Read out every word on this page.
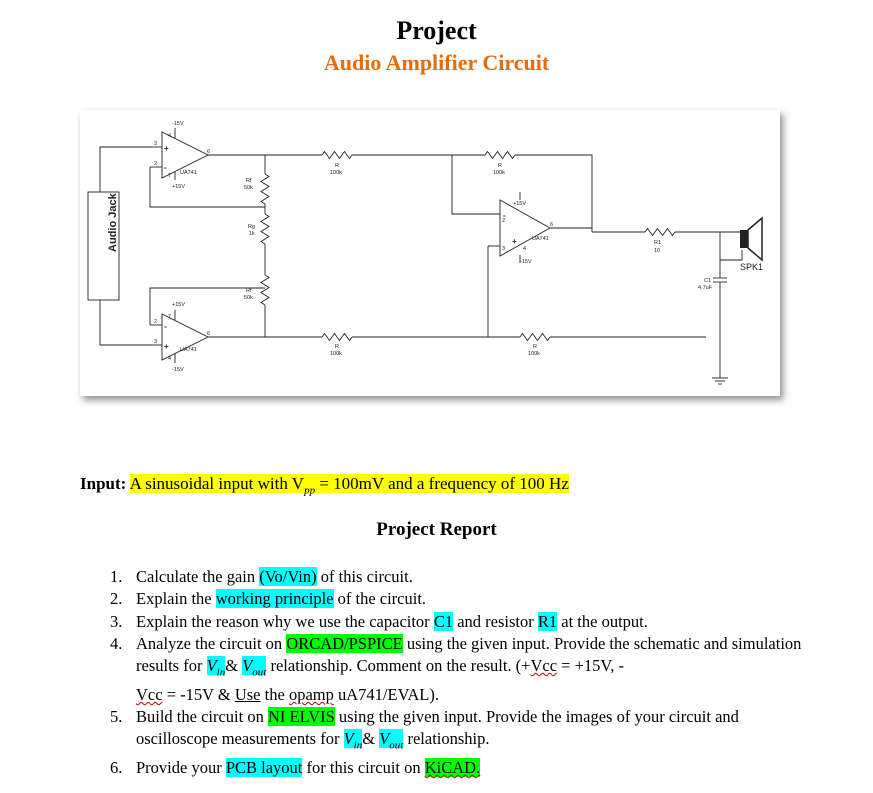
Project
Audio Amplifier Circuit
Audio Jack
SPK1
-15V
4
3 +
2 -
6
7 UA741
+15V
+15V
7
2 -
3 +
6
UA741
4
-15V
Rf
50k
Rg
1k
Rf
50k
R
100k
R
100k
R
100k
R
100k
+15V
2
-
6
4
3
+	UA741
-15V
R1
10
C1
4.7uF
Input: A sinusoidal input with $V_{pp} = 100mV$ and a frequency of 100 Hz
Project Report
1. Calculate the gain (Vo/Vin) of this circuit.
2. Explain the working principle of the circuit.
3. Explain the reason why we use the capacitor C1 and resistor R1 at the output.
4. Analyze the circuit on ORCAD/PSPICE using the given input. Provide the schematic and simulation results for $V_{in}\&$ $V_{out}$ relationship. Comment on the result. (+Vcc = +15V, -
Vcc = -15V & Use the opamp uA741/EVAL).
5. Build the circuit on NI ELVIS using the given input. Provide the images of your circuit and oscilloscope measurements for $V_{in}\&$ $V_{out}$ relationship.
6. Provide your PCB layout for this circuit on KiCAD.
